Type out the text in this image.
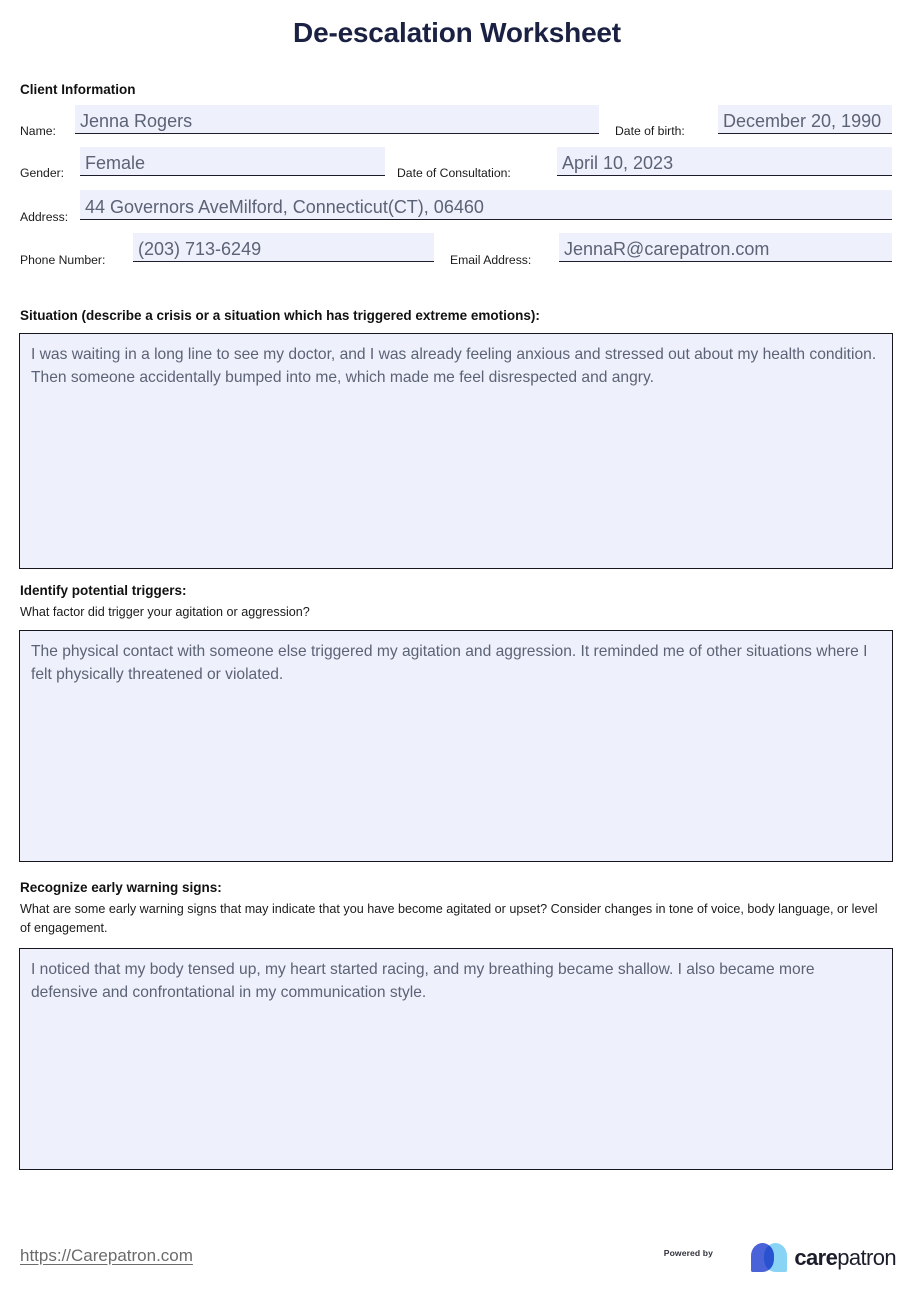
De-escalation Worksheet
Client Information
Name: Jenna Rogers	Date of birth: December 20, 1990
Gender: Female	Date of Consultation:	April 10, 2023
Address: 44 Governors AveMilford, Connecticut(CT), 06460
Phone Number:
(203) 713-6249
Email Address:
JennaR@carepatron.com
Situation (describe a crisis or a situation which has triggered extreme emotions):
I was waiting in a long line to see my doctor, and I was already feeling anxious and stressed out about my health condition. Then someone accidentally bumped into me, which made me feel disrespected and angry.
Identify potential triggers:
What factor did trigger your agitation or aggression?
The physical contact with someone else triggered my agitation and aggression. It reminded me of other situations where I felt physically threatened or violated.
Recognize early warning signs:
What are some early warning signs that may indicate that you have become agitated or upset? Consider changes in tone of voice, body language, or level of engagement.
I noticed that my body tensed up, my heart started racing, and my breathing became shallow. I also became more defensive and confrontational in my communication style.
https://Carepatron.com	Powered by	carepatron
